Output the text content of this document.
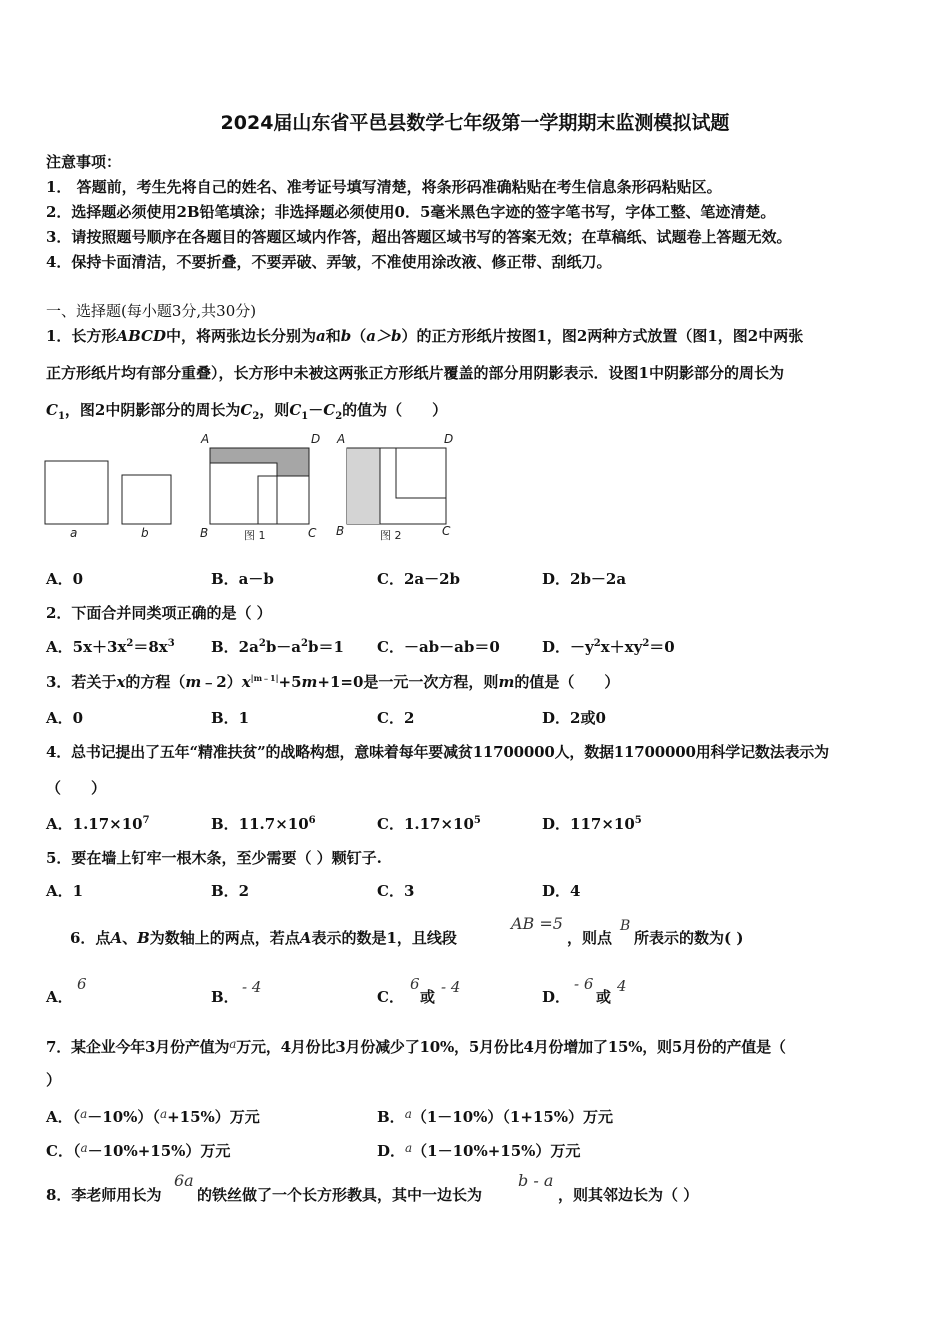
2024届山东省平邑县数学七年级第一学期期末监测模拟试题
注意事项：
1． 答题前，考生先将自己的姓名、准考证号填写清楚，将条形码准确粘贴在考生信息条形码粘贴区。
2．选择题必须使用2B铅笔填涂；非选择题必须使用0．5毫米黑色字迹的签字笔书写，字体工整、笔迹清楚。
3．请按照题号顺序在各题目的答题区域内作答，超出答题区域书写的答案无效；在草稿纸、试题卷上答题无效。
4．保持卡面清洁，不要折叠，不要弄破、弄皱，不准使用涂改液、修正带、刮纸刀。
一、选择题(每小题3分,共30分)
1．长方形ABCD中，将两张边长分别为a和b（a＞b）的正方形纸片按图1，图2两种方式放置（图1，图2中两张
正方形纸片均有部分重叠），长方形中未被这两张正方形纸片覆盖的部分用阴影表示．设图1中阴影部分的周长为
$C_1$，图2中阴影部分的周长为$C_2$，则$C_1-C_2$的值为（　　）
a	b
A	D
B	C
图 1
A	D
B	C
图 2
A．0	B．a－b	C．2a－2b	D．2b－2a
2．下面合并同类项正确的是（ ）
A．$5x+3x^2=8x^3$ B．$2a^2b-a^2b=1$ C．－ab－ab＝0	D．$-y^2x+xy^2=0$
3．若关于x的方程$(m﹣2)x^{|m﹣1|}+5m+1=0$是一元一次方程，则m的值是（　　）
A．0	B．1	C．2	D．2或0
4．总书记提出了五年“精准扶贫”的战略构想，意味着每年要减贫11700000人，数据11700000用科学记数法表示为
（　　）
A．$1.17\times 10^7$	B．$11.7\times 10^6$	C．$1.17\times 10^5$	D．$117\times 10^5$
5．要在墙上钉牢一根木条，至少需要（ ）颗钉子.
A．1	B．2	C．3	D．4
6．点A、B为数轴上的两点，若点A表示的数是1，且线段
AB =5
，则点
B
所表示的数为( )
A．
6
B．
- 4
C．
6
或
- 4
D．
- 6
或
4
7．某企业今年3月份产值为$^a$万元，4月份比3月份减少了10%，5月份比4月份增加了15%，则5月份的产值是（
）
A．（$^a$－10%）（$^a$+15%）万元	B．$^a$（1－10%）（1+15%）万元
C．（$^a$－10%+15%）万元	D．$^a$（1－10%+15%）万元
8．李老师用长为
6a
的铁丝做了一个长方形教具，其中一边长为
b - a
，则其邻边长为（ ）
